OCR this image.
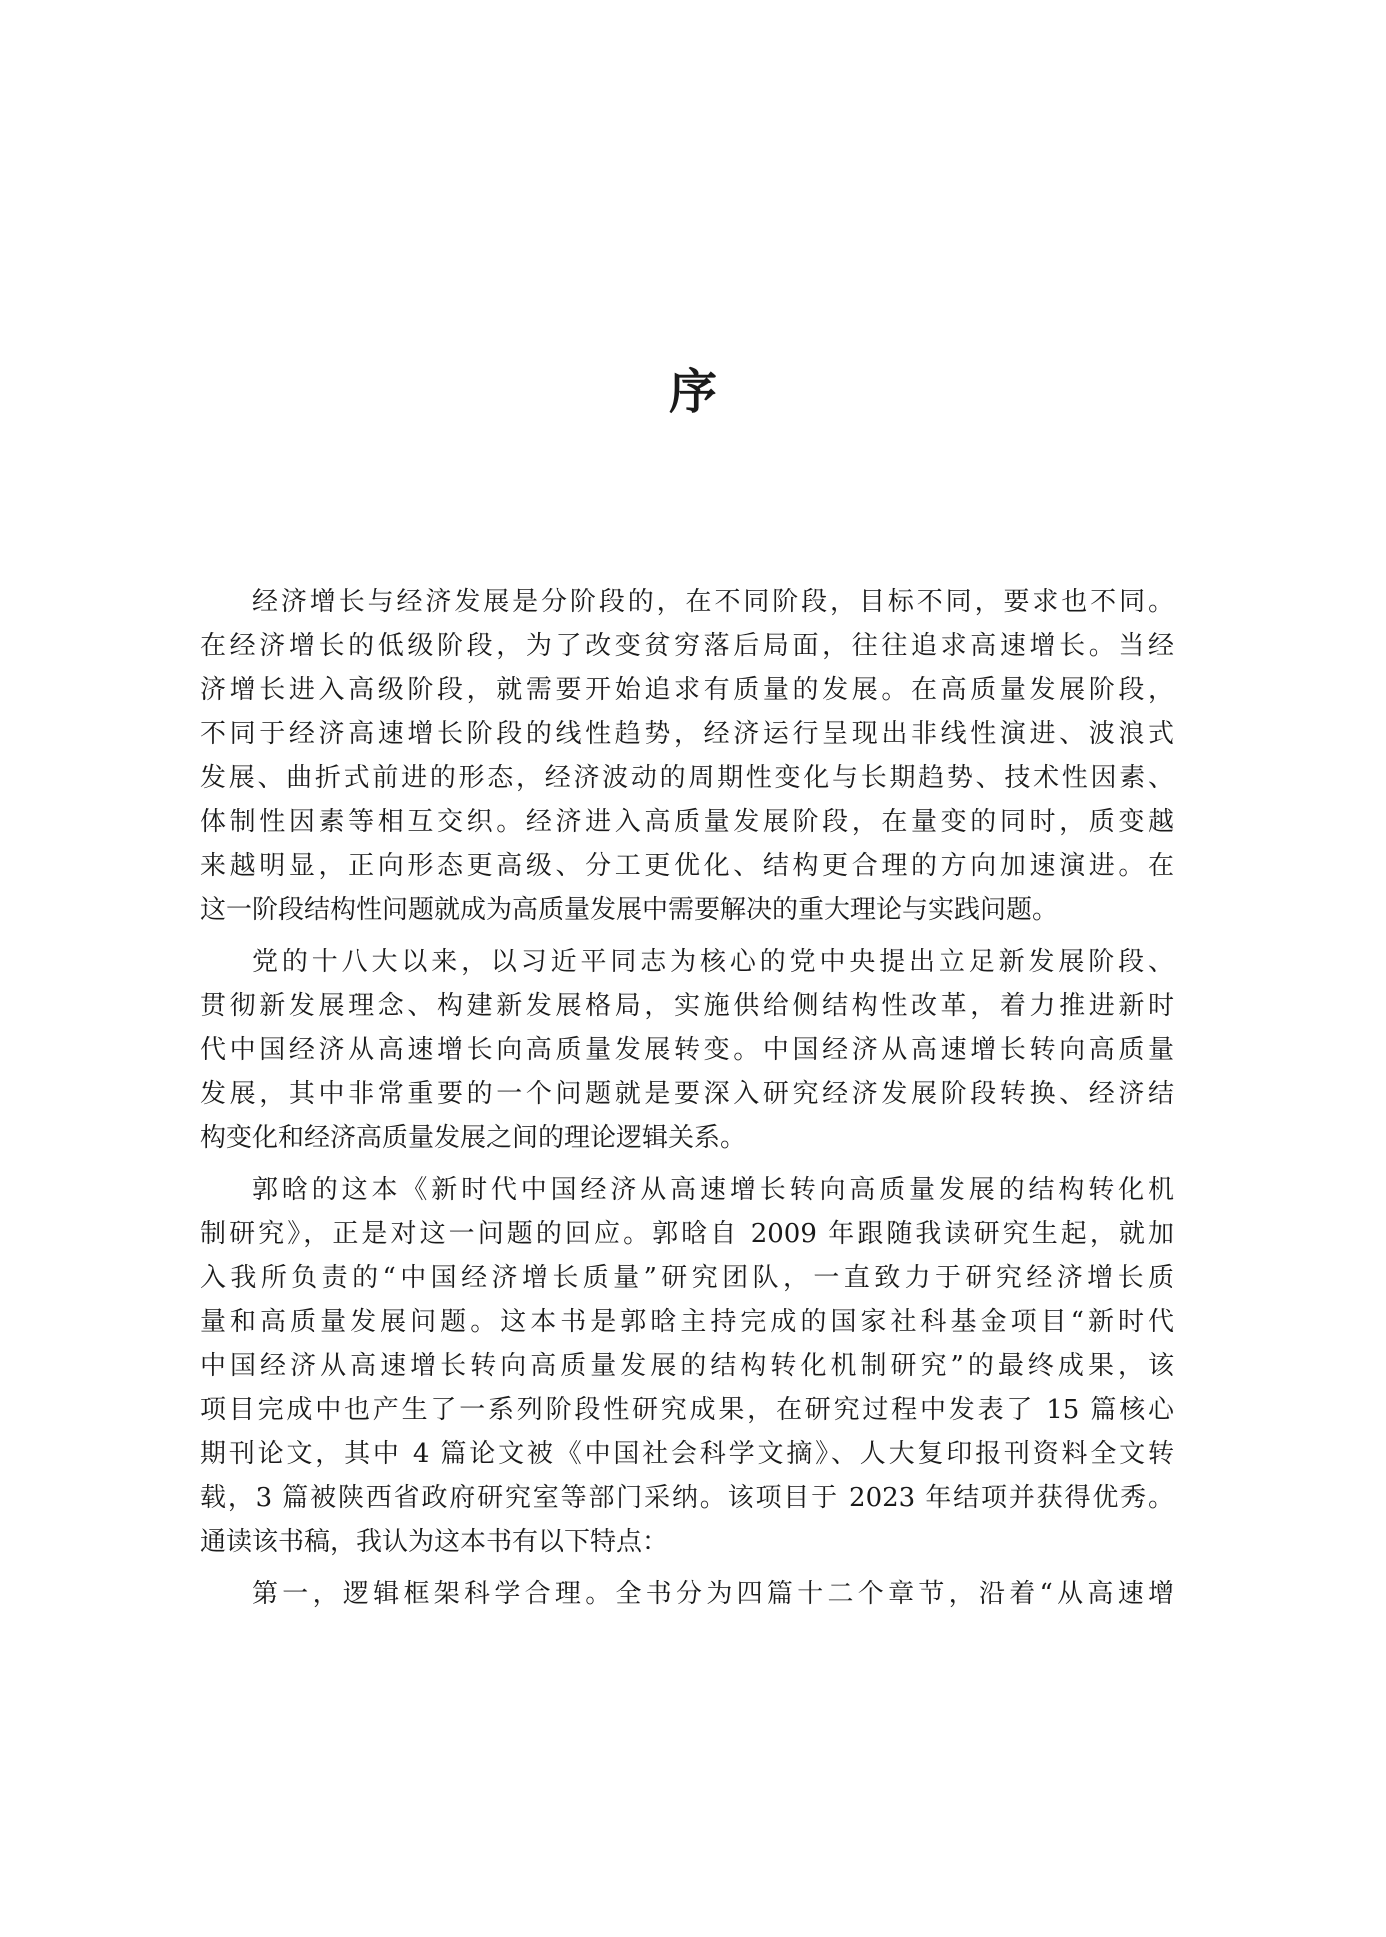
序
经济增长与经济发展是分阶段的，在不同阶段，目标不同，要求也不同。
在经济增长的低级阶段，为了改变贫穷落后局面，往往追求高速增长。当经
济增长进入高级阶段，就需要开始追求有质量的发展。在高质量发展阶段，
不同于经济高速增长阶段的线性趋势，经济运行呈现出非线性演进、波浪式
发展、曲折式前进的形态，经济波动的周期性变化与长期趋势、技术性因素、
体制性因素等相互交织。经济进入高质量发展阶段，在量变的同时，质变越
来越明显，正向形态更高级、分工更优化、结构更合理的方向加速演进。在
这一阶段结构性问题就成为高质量发展中需要解决的重大理论与实践问题。
党的十八大以来，以习近平同志为核心的党中央提出立足新发展阶段、
贯彻新发展理念、构建新发展格局，实施供给侧结构性改革，着力推进新时
代中国经济从高速增长向高质量发展转变。中国经济从高速增长转向高质量
发展，其中非常重要的一个问题就是要深入研究经济发展阶段转换、经济结
构变化和经济高质量发展之间的理论逻辑关系。
郭晗的这本《新时代中国经济从高速增长转向高质量发展的结构转化机
制研究》，正是对这一问题的回应。郭晗自 2009 年跟随我读研究生起，就加
入我所负责的“中国经济增长质量”研究团队，一直致力于研究经济增长质
量和高质量发展问题。这本书是郭晗主持完成的国家社科基金项目“新时代
中国经济从高速增长转向高质量发展的结构转化机制研究”的最终成果，该
项目完成中也产生了一系列阶段性研究成果，在研究过程中发表了 15 篇核心
期刊论文，其中 4 篇论文被《中国社会科学文摘》、人大复印报刊资料全文转
载，3 篇被陕西省政府研究室等部门采纳。该项目于 2023 年结项并获得优秀。
通读该书稿，我认为这本书有以下特点：
第一，逻辑框架科学合理。全书分为四篇十二个章节，沿着“从高速增
